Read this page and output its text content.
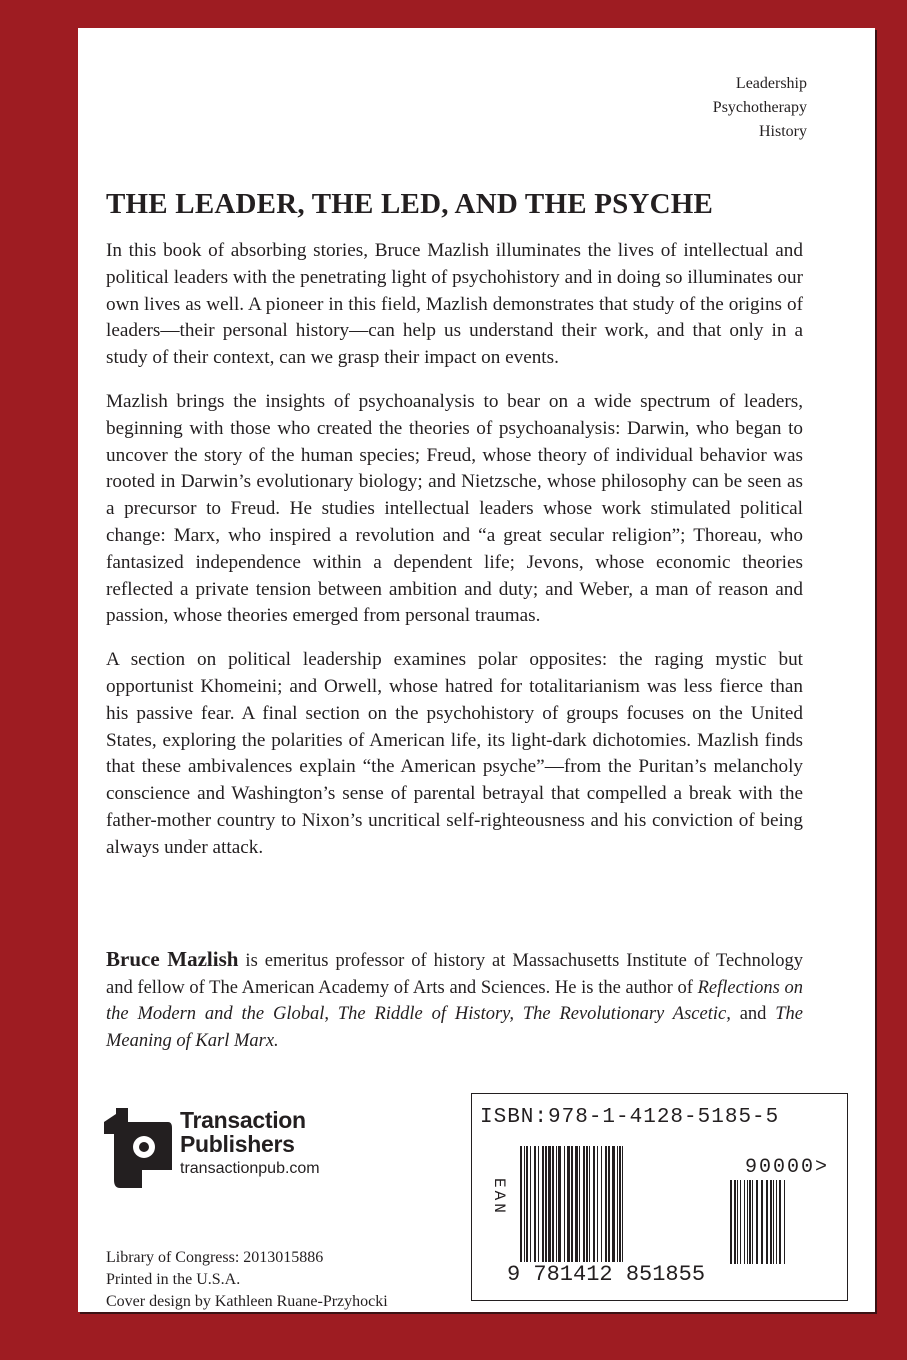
Leadership
Psychotherapy
History
THE LEADER, THE LED, AND THE PSYCHE

In this book of absorbing stories, Bruce Mazlish illuminates the lives of intellectual and political leaders with the penetrating light of psychohistory and in doing so illuminates our own lives as well. A pioneer in this field, Mazlish demonstrates that study of the origins of leaders—their personal history—can help us understand their work, and that only in a study of their context, can we grasp their impact on events.

Mazlish brings the insights of psychoanalysis to bear on a wide spectrum of leaders, beginning with those who created the theories of psychoanalysis: Darwin, who began to uncover the story of the human species; Freud, whose theory of individual behavior was rooted in Darwin’s evolutionary biology; and Nietzsche, whose philosophy can be seen as a precursor to Freud. He studies intellectual leaders whose work stimulated political change: Marx, who inspired a revolution and “a great secular religion”; Thoreau, who fantasized independence within a dependent life; Jevons, whose economic theories reflected a private tension between ambition and duty; and Weber, a man of reason and passion, whose theories emerged from personal traumas.

A section on political leadership examines polar opposites: the raging mystic but opportunist Khomeini; and Orwell, whose hatred for totalitarianism was less fierce than his passive fear. A final section on the psychohistory of groups focuses on the United States, exploring the polarities of American life, its light-dark dichotomies. Mazlish finds that these ambivalences explain “the American psyche”—from the Puritan’s melancholy conscience and Washington’s sense of parental betrayal that compelled a break with the father-mother country to Nixon’s uncritical self-righteousness and his conviction of being always under attack.

Bruce Mazlish is emeritus professor of history at Massachusetts Institute of Technology and fellow of The American Academy of Arts and Sciences. He is the author of Reflections on the Modern and the Global, The Riddle of History, The Revolutionary Ascetic, and The Meaning of Karl Marx.
Transaction
Publishers
transactionpub.com
Library of Congress: 2013015886
Printed in the U.S.A.
Cover design by Kathleen Ruane-Przyhocki
ISBN:978-1-4128-5185-5
EAN
90000>
9 781412 851855
